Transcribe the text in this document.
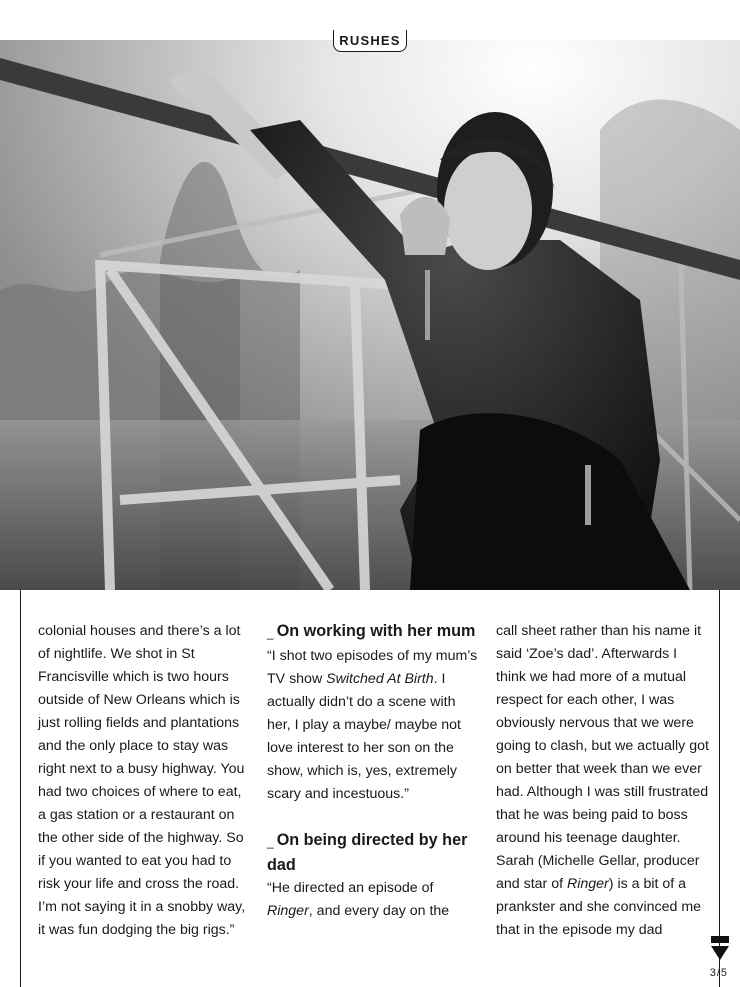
RUSHES

colonial houses and there’s a lot of nightlife. We shot in St Francisville which is two hours outside of New Orleans which is just rolling fields and plantations and the only place to stay was right next to a busy highway. You had two choices of where to eat, a gas station or a restaurant on the other side of the highway. So if you wanted to eat you had to risk your life and cross the road. I’m not saying it in a snobby way, it was fun dodging the big rigs.”

_ On working with her mum

“I shot two episodes of my mum’s TV show Switched At Birth. I actually didn’t do a scene with her, I play a maybe/ maybe not love interest to her son on the show, which is, yes, extremely scary and incestuous.”

_ On being directed by her dad

“He directed an episode of Ringer, and every day on the

call sheet rather than his name it said ‘Zoe’s dad’. Afterwards I think we had more of a mutual respect for each other, I was obviously nervous that we were going to clash, but we actually got on better that week than we ever had. Although I was still frustrated that he was being paid to boss around his teenage daughter. Sarah (Michelle Gellar, producer and star of Ringer) is a bit of a prankster and she convinced me that in the episode my dad

3/5
